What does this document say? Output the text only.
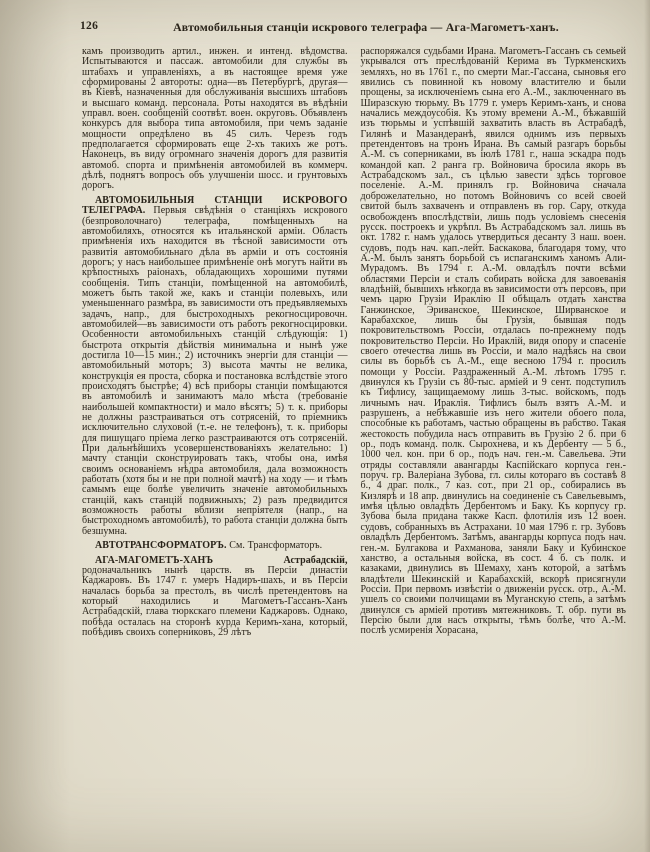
126	Автомобильныя станціи искрового телеграфа — Ага-Магометъ-ханъ.

камъ производить артил., инжен. и интенд. вѣдомства. Испытываются и пассаж. автомобили для службы въ штабахъ и управленіяхъ, а въ настоящее время уже сформированы 2 автороты: одна—въ Петербургѣ, другая—въ Кіевѣ, назначенныя для обслуживанія высшихъ штабовъ и высшаго команд. персонала. Роты находятся въ вѣдѣніи управл. воен. сообщеній соотвѣт. воен. округовъ. Объявленъ конкурсъ для выбора типа автомобиля, при чемъ заданіе мощности опредѣлено въ 45 силъ. Черезъ годъ предполагается сформировать еще 2-хъ такихъ же ротъ. Наконецъ, въ виду огромнаго значенія дорогъ для развитія автомоб. спорта и примѣненія автомобилей въ коммерч. дѣлѣ, поднятъ вопросъ объ улучшеніи шосс. и грунтовыхъ дорогъ.

АВТОМОБИЛЬНЫЯ СТАНЦІИ ИСКРОВОГО ТЕЛЕГРАФА. Первыя свѣдѣнія о станціяхъ искрового (безпроволочнаго) телеграфа, помѣщенныхъ на автомобиляхъ, относятся къ итальянской арміи. Область примѣненія ихъ находится въ тѣсной зависимости отъ развитія автомобильнаго дѣла въ арміи и отъ состоянія дорогъ; у насъ наибольшее примѣненіе онѣ могутъ найти въ крѣпостныхъ раіонахъ, обладающихъ хорошими путями сообщенія. Типъ станціи, помѣщенной на автомобилѣ, можетъ быть такой же, какъ и станціи полевыхъ, или уменьшеннаго размѣра, въ зависимости отъ предъявляемыхъ задачъ, напр., для быстроходныхъ рекогносцировочн. автомобилей—въ зависимости отъ работъ рекогносцировки. Особенности автомобильныхъ станцій слѣдующія: 1) быстрота открытія дѣйствія минимальна и нынѣ уже достигла 10—15 мин.; 2) источникъ энергіи для станціи — автомобильный моторъ; 3) высота мачты не велика, конструкція ея проста, сборка и постановка вслѣдствіе этого происходятъ быстрѣе; 4) всѣ приборы станціи помѣщаются въ автомобилѣ и занимаютъ мало мѣста (требованіе наибольшей компактности) и мало вѣсятъ; 5) т. к. приборы не должны разстраиваться отъ сотрясеній, то пріемникъ исключительно слуховой (т.-е. не телефонъ), т. к. приборы для пишущаго пріема легко разстраиваются отъ сотрясеній. При дальнѣйшихъ усовершенствованіяхъ желательно: 1) мачту станціи сконструировать такъ, чтобы она, имѣя своимъ основаніемъ нѣдра автомобиля, дала возможность работать (хотя бы и не при полной мачтѣ) на ходу — и тѣмъ самымъ еще болѣе увеличить значеніе автомобильныхъ станцій, какъ станцій подвижныхъ; 2) разъ предвидится возможность работы вблизи непріятеля (напр., на быстроходномъ автомобилѣ), то работа станціи должна быть безшумна.

АВТОТРАНСФОРМАТОРЪ. См. Трансформаторъ.

АГА-МАГОМЕТЪ-ХАНЪ Астрабадскій, родоначальникъ нынѣ царств. въ Персіи династіи Каджаровъ. Въ 1747 г. умеръ Надиръ-шахъ, и въ Персіи началась борьба за престолъ, въ числѣ претендентовъ на который находились и Магометъ-Гассанъ-Ханъ Астрабадскій, глава тюркскаго племени Каджаровъ. Однако, побѣда осталась на сторонѣ курда Керимъ-хана, который, побѣдивъ своихъ соперниковъ, 29 лѣтъ

распоряжался судьбами Ирана. Магометъ-Гассанъ съ семьей укрывался отъ преслѣдованій Керима въ Туркменскихъ земляхъ, но въ 1761 г., по смерти Маг.-Гассана, сыновья его явились съ повинной къ новому властителю и были прощены, за исключеніемъ сына его А.-М., заключеннаго въ Ширазскую тюрьму. Въ 1779 г. умеръ Керимъ-ханъ, и снова начались междоусобія. Къ этому времени А.-М., бѣжавшій изъ тюрьмы и успѣвшій захватить власть въ Астрабадѣ, Гилянѣ и Мазандеранѣ, явился однимъ изъ первыхъ претендентовъ на тронъ Ирана. Въ самый разгаръ борьбы А.-М. съ соперниками, въ іюлѣ 1781 г., наша эскадра подъ командой кап. 2 ранга гр. Войновича бросила якорь въ Астрабадскомъ зал., съ цѣлью завести здѣсь торговое поселеніе. А.-М. принялъ гр. Войновича сначала доброжелательно, но потомъ Войновичъ со всей своей свитой былъ захваченъ и отправленъ въ гор. Сару, откуда освобожденъ впослѣдствіи, лишь подъ условіемъ снесенія русск. построекъ и укрѣпл. Въ Астрабадскомъ зал. лишь въ окт. 1782 г. намъ удалось утвердиться десанту 3 наш. воен. судовъ, подъ нач. кап.-лейт. Баскакова, благодаря тому, что А.-М. былъ занятъ борьбой съ испаганскимъ ханомъ Али-Мурадомъ. Въ 1794 г. А.-М. овладѣлъ почти всѣми областями Персіи и сталъ собирать войска для завоеванія владѣній, бывшихъ нѣкогда въ зависимости отъ персовъ, при чемъ царю Грузіи Ираклію II обѣщалъ отдать ханства Ганжинское, Эриванское, Шекинское, Ширванское и Карабахское, лишь бы Грузія, бывшая подъ покровительствомъ Россіи, отдалась по-прежнему подъ покровительство Персіи. Но Ираклій, видя опору и спасеніе своего отечества лишь въ Россіи, и мало надѣясь на свои силы въ борьбѣ съ А.-М., еще весною 1794 г. просилъ помощи у Россіи. Раздраженный А.-М. лѣтомъ 1795 г. двинулся къ Грузіи съ 80-тыс. арміей и 9 сент. подступилъ къ Тифлису, защищаемому лишь 3-тыс. войскомъ, подъ личнымъ нач. Ираклія. Тифлисъ былъ взятъ А.-М. и разрушенъ, а небѣжавшіе изъ него жители обоего пола, способные къ работамъ, частью обращены въ рабство. Такая жестокость побудила насъ отправить въ Грузію 2 б. при 6 ор., подъ команд. полк. Сырохнева, и къ Дербенту — 5 б., 1000 чел. кон. при 6 ор., подъ нач. ген.-м. Савельева. Эти отряды составляли авангарды Каспійскаго корпуса ген.-поруч. гр. Валеріана Зубова, гл. силы котораго въ составѣ 8 б., 4 драг. полк., 7 каз. сот., при 21 ор., собирались въ Кизлярѣ и 18 апр. двинулись на соединеніе съ Савельевымъ, имѣя цѣлью овладѣть Дербентомъ и Баку. Къ корпусу гр. Зубова была придана также Касп. флотилія изъ 12 воен. судовъ, собранныхъ въ Астрахани. 10 мая 1796 г. гр. Зубовъ овладѣлъ Дербентомъ. Затѣмъ, авангарды корпуса подъ нач. ген.-м. Булгакова и Рахманова, заняли Баку и Кубинское ханство, а остальныя войска, въ сост. 4 б. съ полк. и казаками, двинулись въ Шемаху, ханъ которой, а затѣмъ владѣтели Шекинскій и Карабахскій, вскорѣ присягнули Россіи. При первомъ извѣстіи о движеніи русск. отр., А.-М. ушелъ со своими полчищами въ Муганскую степь, а затѣмъ двинулся съ арміей противъ мятежниковъ. Т. обр. пути въ Персію были для насъ открыты, тѣмъ болѣе, что А.-М. послѣ усмиренія Хорасана,
